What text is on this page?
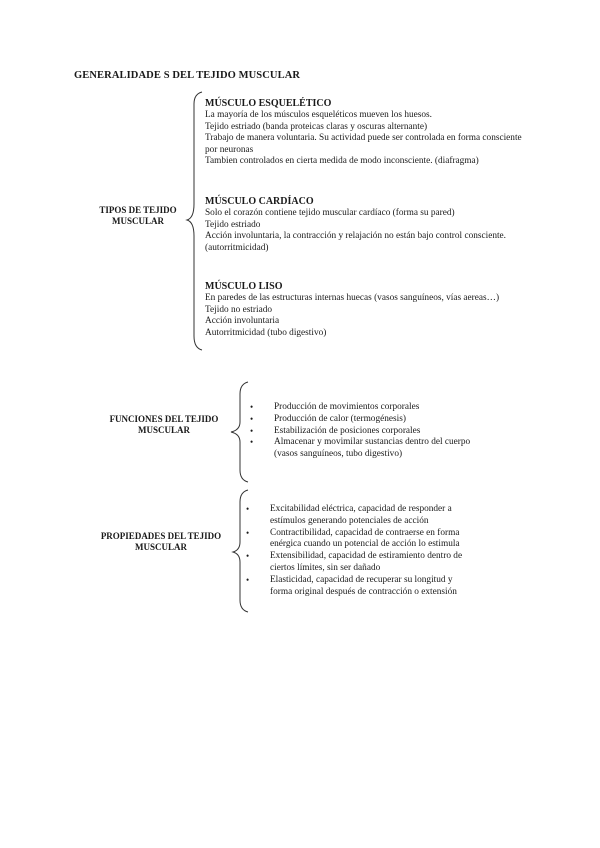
GENERALIDADE S DEL TEJIDO MUSCULAR
TIPOS DE TEJIDO
MUSCULAR

MÚSCULO ESQUELÉTICO

La mayoría de los músculos esqueléticos mueven los huesos.

Tejido estriado (banda proteicas claras y oscuras alternante)

Trabajo de manera voluntaria. Su actividad puede ser controlada en forma consciente

por neuronas

Tambien controlados en cierta medida de modo inconsciente. (diafragma)

MÚSCULO CARDÍACO

Solo el corazón contiene tejido muscular cardíaco (forma su pared)

Tejido estriado

Acción involuntaria, la contracción y relajación no están bajo control consciente.

(autorritmicidad)

MÚSCULO LISO

En paredes de las estructuras internas huecas (vasos sanguíneos, vías aereas…)

Tejido no estriado

Acción involuntaria

Autorritmicidad (tubo digestivo)

FUNCIONES DEL TEJIDO
MUSCULAR
• Producción de movimientos corporales
• Producción de calor (termogénesis)
• Estabilización de posiciones corporales
• Almacenar y movimilar sustancias dentro del cuerpo
(vasos sanguíneos, tubo digestivo)
PROPIEDADES DEL TEJIDO
MUSCULAR
• Excitabilidad eléctrica, capacidad de responder a
estímulos generando potenciales de acción
• Contractibilidad, capacidad de contraerse en forma
enérgica cuando un potencial de acción lo estimula
• Extensibilidad, capacidad de estiramiento dentro de
ciertos límites, sin ser dañado
• Elasticidad, capacidad de recuperar su longitud y
forma original después de contracción o extensión
